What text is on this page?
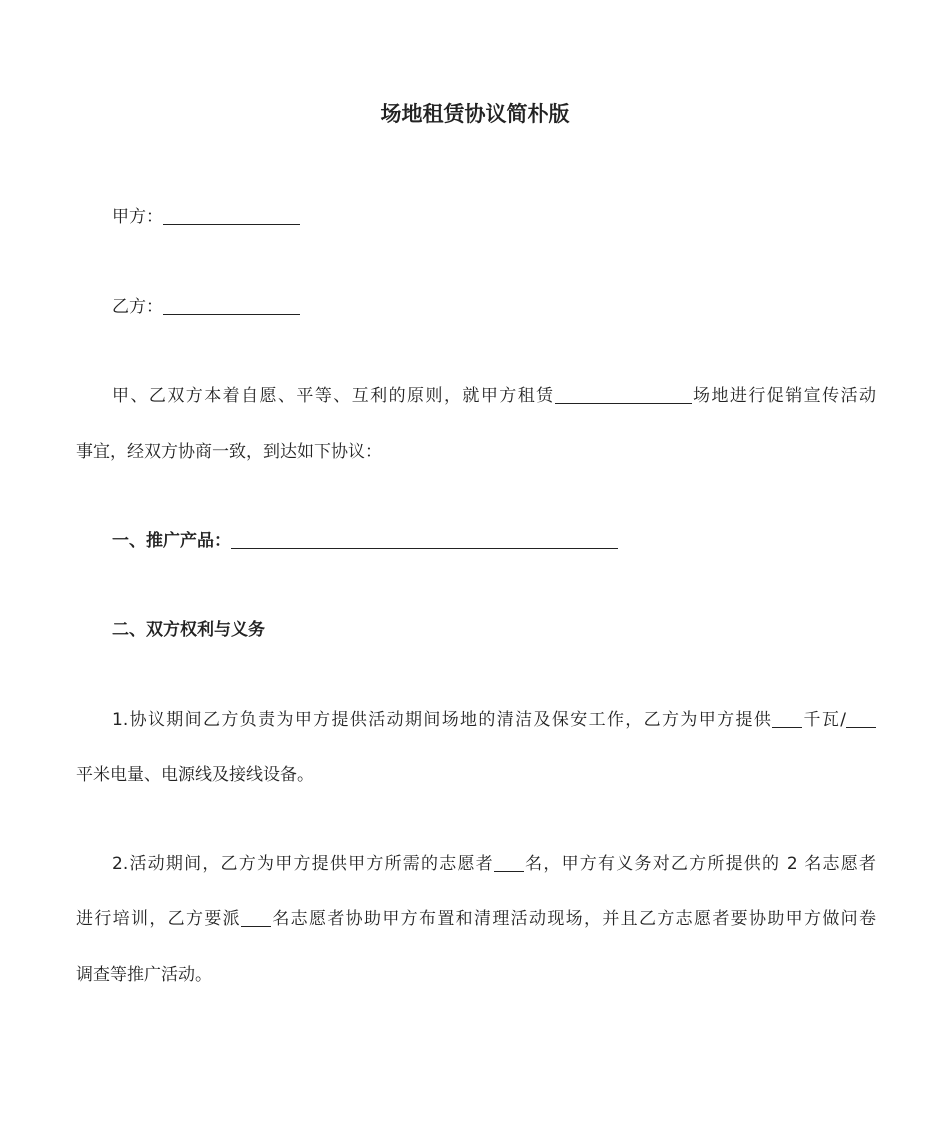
场地租赁协议简朴版
甲方：
乙方：
甲、乙双方本着自愿、平等、互利的原则，就甲方租赁	场地进行促销宣传活动
事宜，经双方协商一致，到达如下协议：
一、推广产品：
二、双方权利与义务
1.协议期间乙方负责为甲方提供活动期间场地的清洁及保安工作，乙方为甲方提供 千瓦/
平米电量、电源线及接线设备。
2.活动期间，乙方为甲方提供甲方所需的志愿者 名，甲方有义务对乙方所提供的 2 名志愿者
进行培训，乙方要派 名志愿者协助甲方布置和清理活动现场，并且乙方志愿者要协助甲方做问卷
调查等推广活动。
